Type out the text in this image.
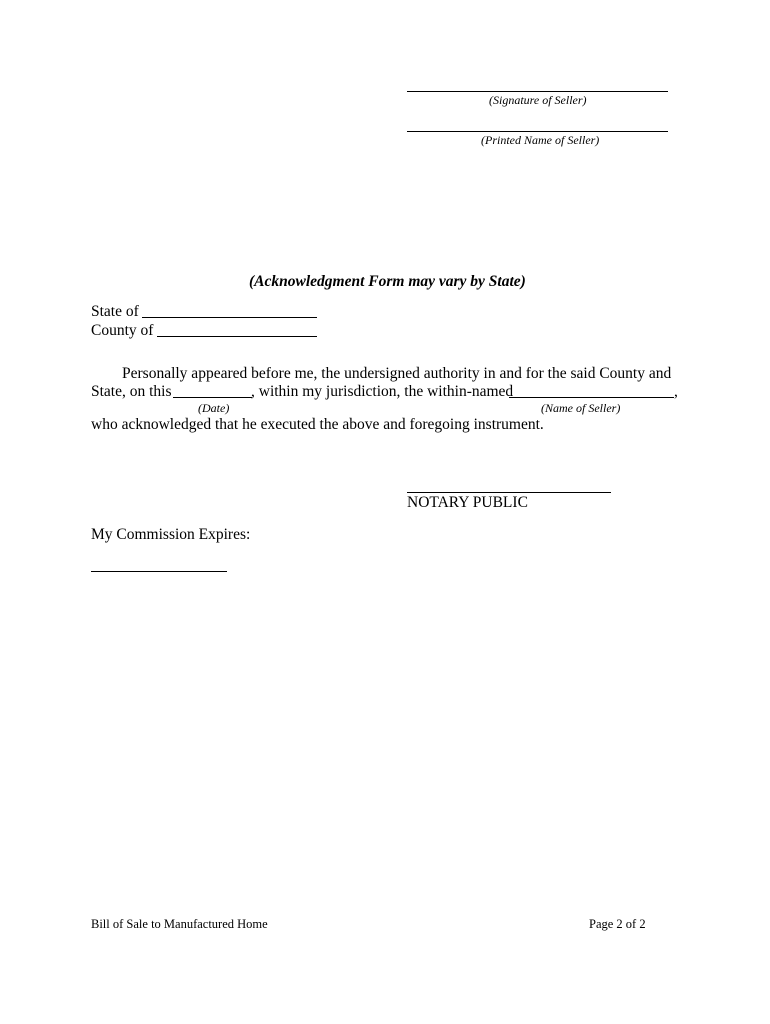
(Signature of Seller)
(Printed Name of Seller)
(Acknowledgment Form may vary by State)
State of
County of
Personally appeared before me, the undersigned authority in and for the said County and
State, on this	, within my jurisdiction, the within-named	,
(Date)	(Name of Seller)
who acknowledged that he executed the above and foregoing instrument.
NOTARY PUBLIC
My Commission Expires:
Bill of Sale to Manufactured Home	Page 2 of 2
